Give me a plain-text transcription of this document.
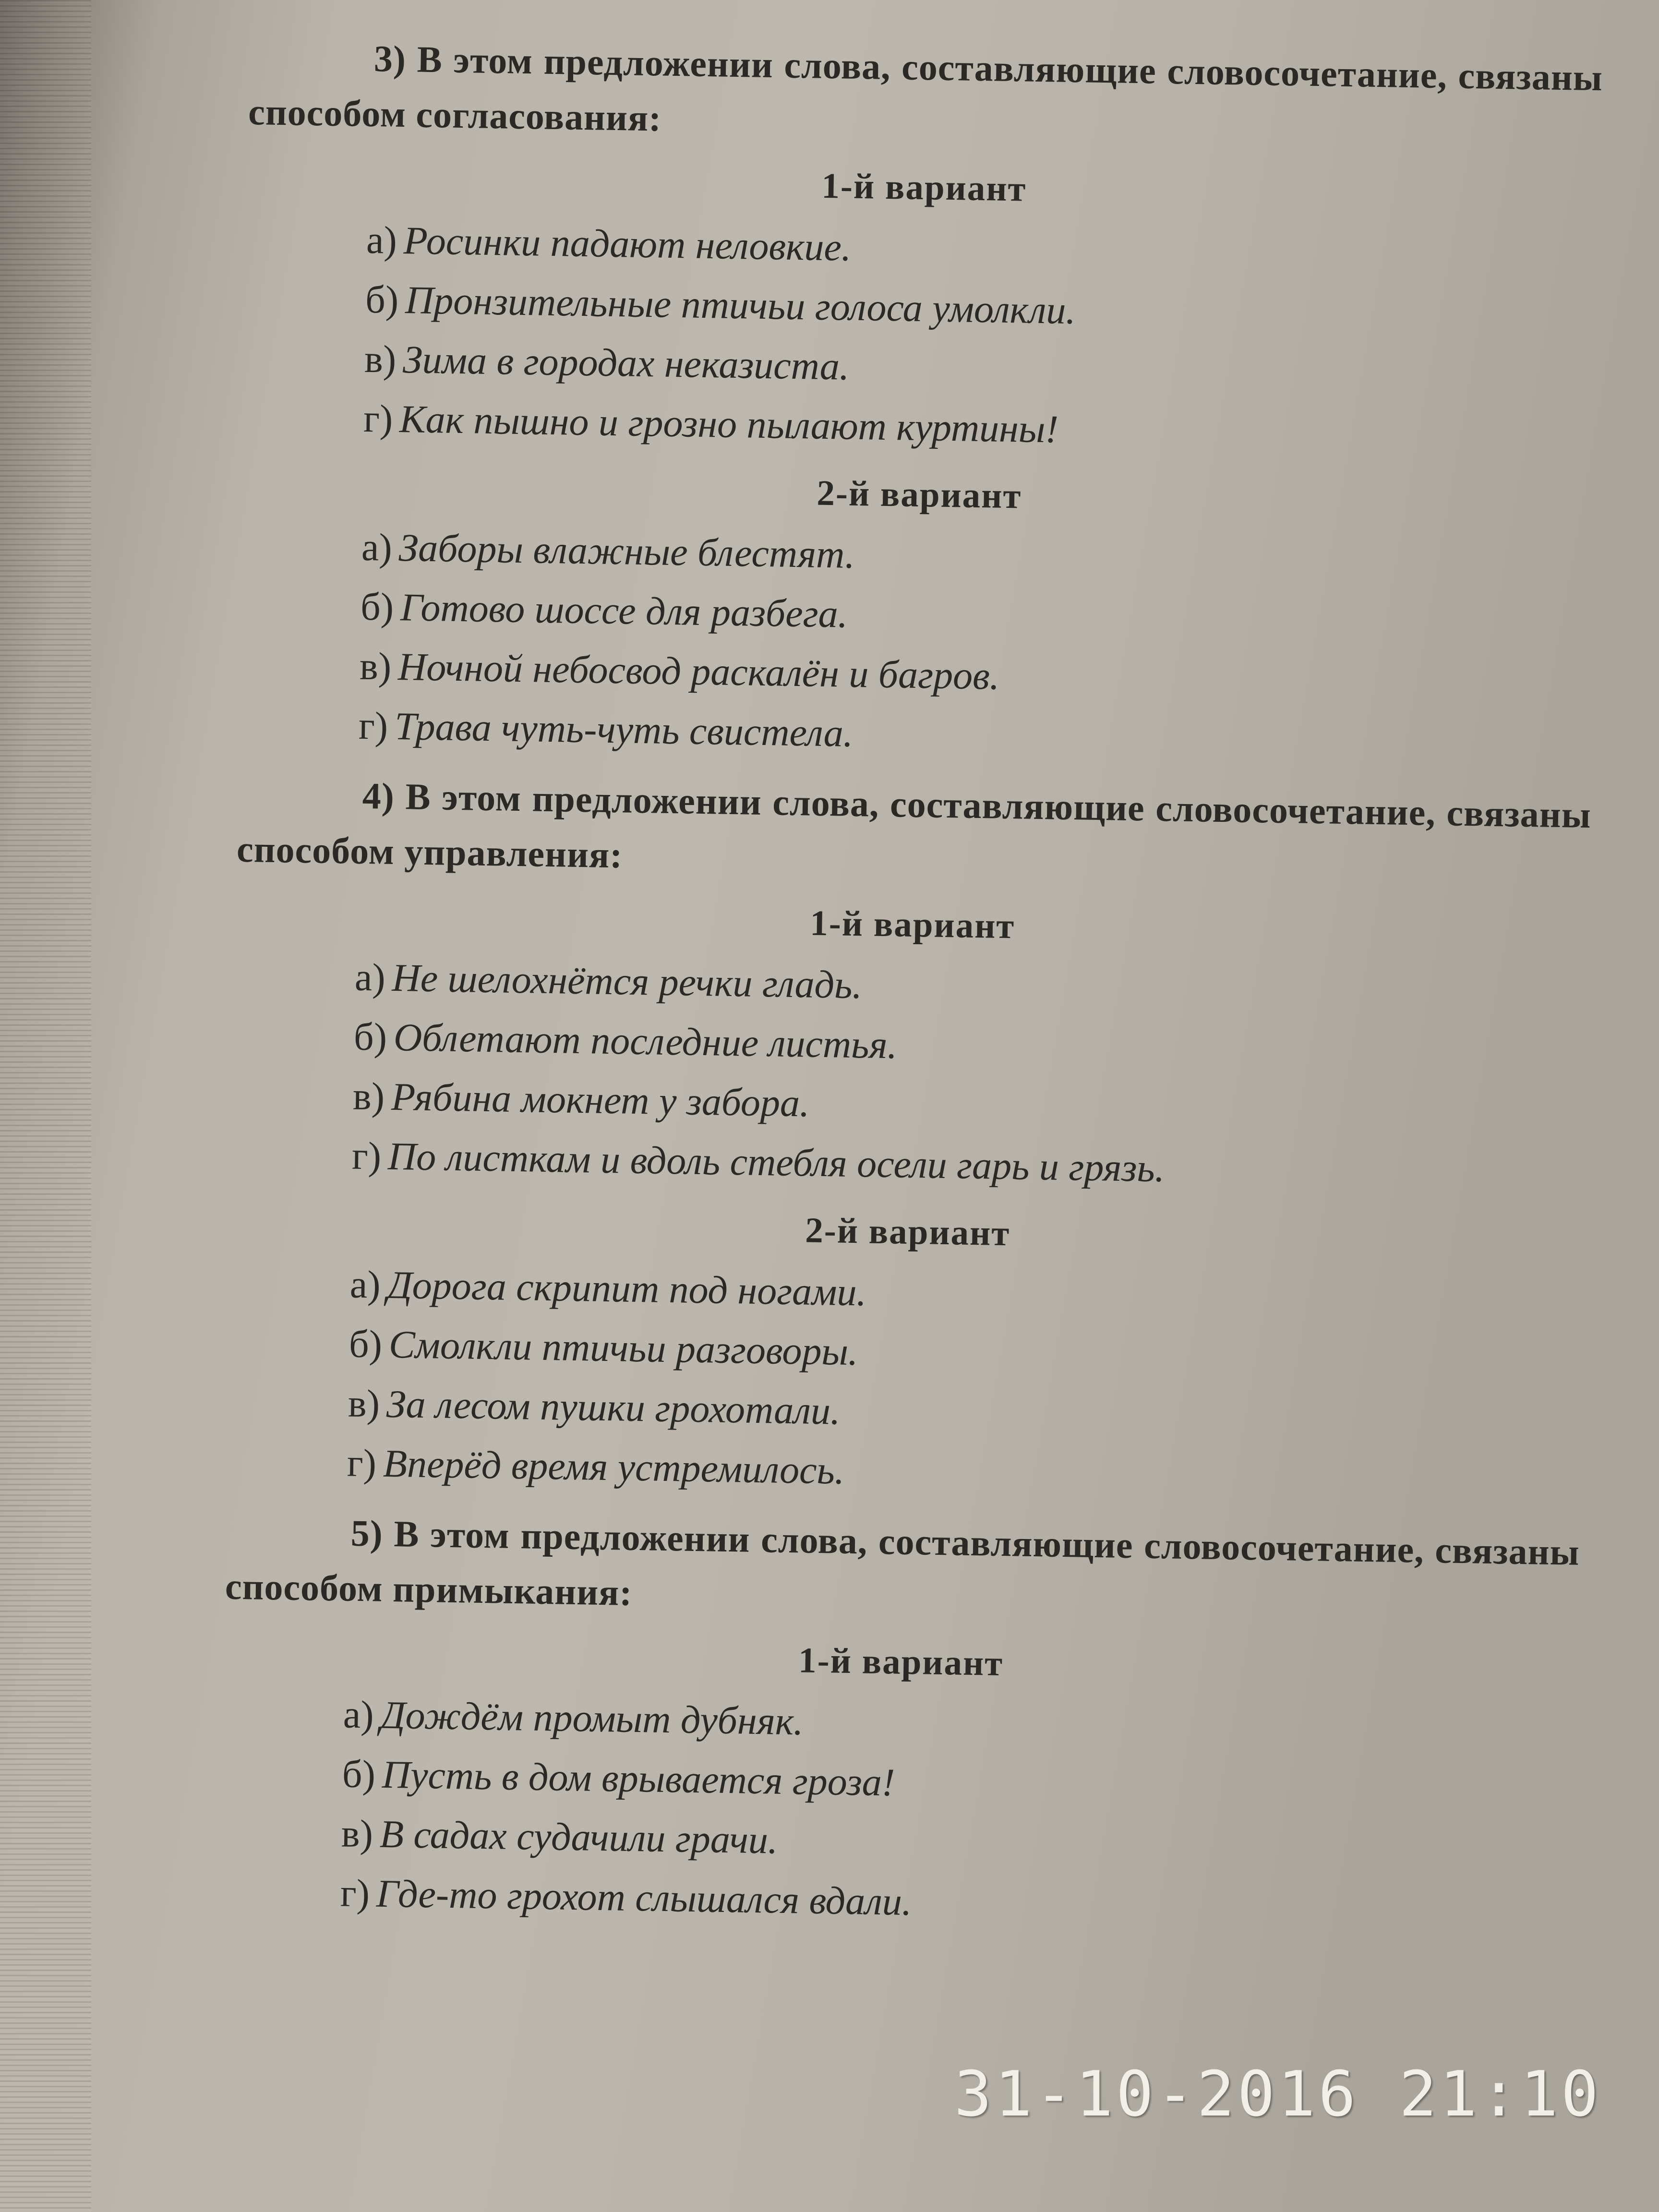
3) В этом предложении слова, составляющие словосочетание, связаны способом согласования:
1-й вариант
а) Росинки падают неловкие.
б) Пронзительные птичьи голоса умолкли.
в) Зима в городах неказиста.
г) Как пышно и грозно пылают куртины!
2-й вариант
а) Заборы влажные блестят.
б) Готово шоссе для разбега.
в) Ночной небосвод раскалён и багров.
г) Трава чуть-чуть свистела.
4) В этом предложении слова, составляющие словосочетание, связаны способом управления:
1-й вариант
а) Не шелохнётся речки гладь.
б) Облетают последние листья.
в) Рябина мокнет у забора.
г) По листкам и вдоль стебля осели гарь и грязь.
2-й вариант
а) Дорога скрипит под ногами.
б) Смолкли птичьи разговоры.
в) За лесом пушки грохотали.
г) Вперёд время устремилось.
5) В этом предложении слова, составляющие словосочетание, связаны способом примыкания:
1-й вариант
а) Дождём промыт дубняк.
б) Пусть в дом врывается гроза!
в) В садах судачили грачи.
г) Где-то грохот слышался вдали.
31-10-2016 21:10
